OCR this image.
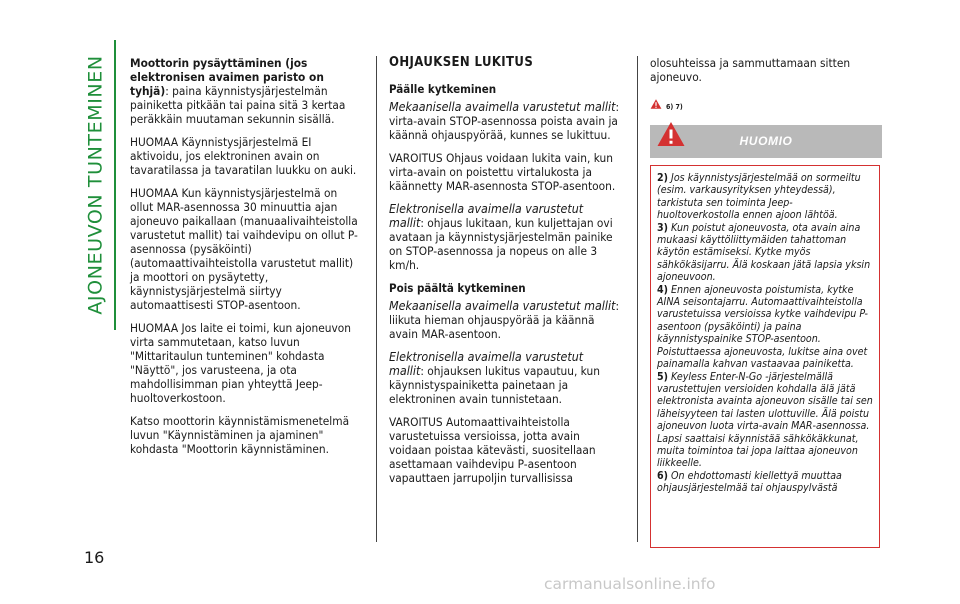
AJONEUVON TUNTEMINEN Moottorin pysäyttäminen (jos elektronisen avaimen paristo on tyhjä): paina käynnistysjärjestelmän painiketta pitkään tai paina sitä 3 kertaa peräkkäin muutaman sekunnin sisällä.

HUOMAA Käynnistysjärjestelmä EI aktivoidu, jos elektroninen avain on tavaratilassa ja tavaratilan luukku on auki.

HUOMAA Kun käynnistysjärjestelmä on ollut MAR-asennossa 30 minuuttia ajan ajoneuvo paikallaan (manuaalivaihteistolla varustetut mallit) tai vaihdevipu on ollut P-asennossa (pysäköinti) (automaattivaihteistolla varustetut mallit) ja moottori on pysäytetty, käynnistysjärjestelmä siirtyy automaattisesti STOP-asentoon.

HUOMAA Jos laite ei toimi, kun ajoneuvon virta sammutetaan, katso luvun "Mittaritaulun tunteminen" kohdasta "Näyttö", jos varusteena, ja ota mahdollisimman pian yhteyttä Jeep-huoltoverkostoon.

Katso moottorin käynnistämismenetelmä luvun "Käynnistäminen ja ajaminen" kohdasta "Moottorin käynnistäminen.

OHJAUKSEN LUKITUS

Päälle kytkeminen

Mekaanisella avaimella varustetut mallit: virta-avain STOP-asennossa poista avain ja käännä ohjauspyörää, kunnes se lukittuu.

VAROITUS Ohjaus voidaan lukita vain, kun virta-avain on poistettu virtalukosta ja käännetty MAR-asennosta STOP-asentoon.

Elektronisella avaimella varustetut mallit: ohjaus lukitaan, kun kuljettajan ovi avataan ja käynnistysjärjestelmän painike on STOP-asennossa ja nopeus on alle 3 km/h.

Pois päältä kytkeminen

Mekaanisella avaimella varustetut mallit: liikuta hieman ohjauspyörää ja käännä avain MAR-asentoon.

Elektronisella avaimella varustetut mallit: ohjauksen lukitus vapautuu, kun käynnistyspainiketta painetaan ja elektroninen avain tunnistetaan.

VAROITUS Automaattivaihteistolla varustetuissa versioissa, jotta avain voidaan poistaa kätevästi, suositellaan asettamaan vaihdevipu P-asentoon vapauttaen jarrupoljin turvallisissa

olosuhteissa ja sammuttamaan sitten ajoneuvo.

6) 7)
HUOMIO

2) Jos käynnistysjärjestelmää on sormeiltu (esim. varkausyrityksen yhteydessä), tarkistuta sen toiminta Jeep-huoltoverkostolla ennen ajoon lähtöä.

3) Kun poistut ajoneuvosta, ota avain aina mukaasi käyttöliittymäiden tahattoman käytön estämiseksi. Kytke myös sähkökäsijarru. Älä koskaan jätä lapsia yksin ajoneuvoon.

4) Ennen ajoneuvosta poistumista, kytke AINA seisontajarru. Automaattivaihteistolla varustetuissa versioissa kytke vaihdevipu P-asentoon (pysäköinti) ja paina käynnistyspainike STOP-asentoon. Poistuttaessa ajoneuvosta, lukitse aina ovet painamalla kahvan vastaavaa painiketta.

5) Keyless Enter-N-Go -järjestelmällä varustettujen versioiden kohdalla älä jätä elektronista avainta ajoneuvon sisälle tai sen läheisyyteen tai lasten ulottuville. Älä poistu ajoneuvon luota virta-avain MAR-asennossa. Lapsi saattaisi käynnistää sähkökäkkunat, muita toimintoa tai jopa laittaa ajoneuvon liikkeelle.

6) On ehdottomasti kiellettyä muuttaa ohjausjärjestelmää tai ohjauspylvästä

16
carmanualsonline.info
